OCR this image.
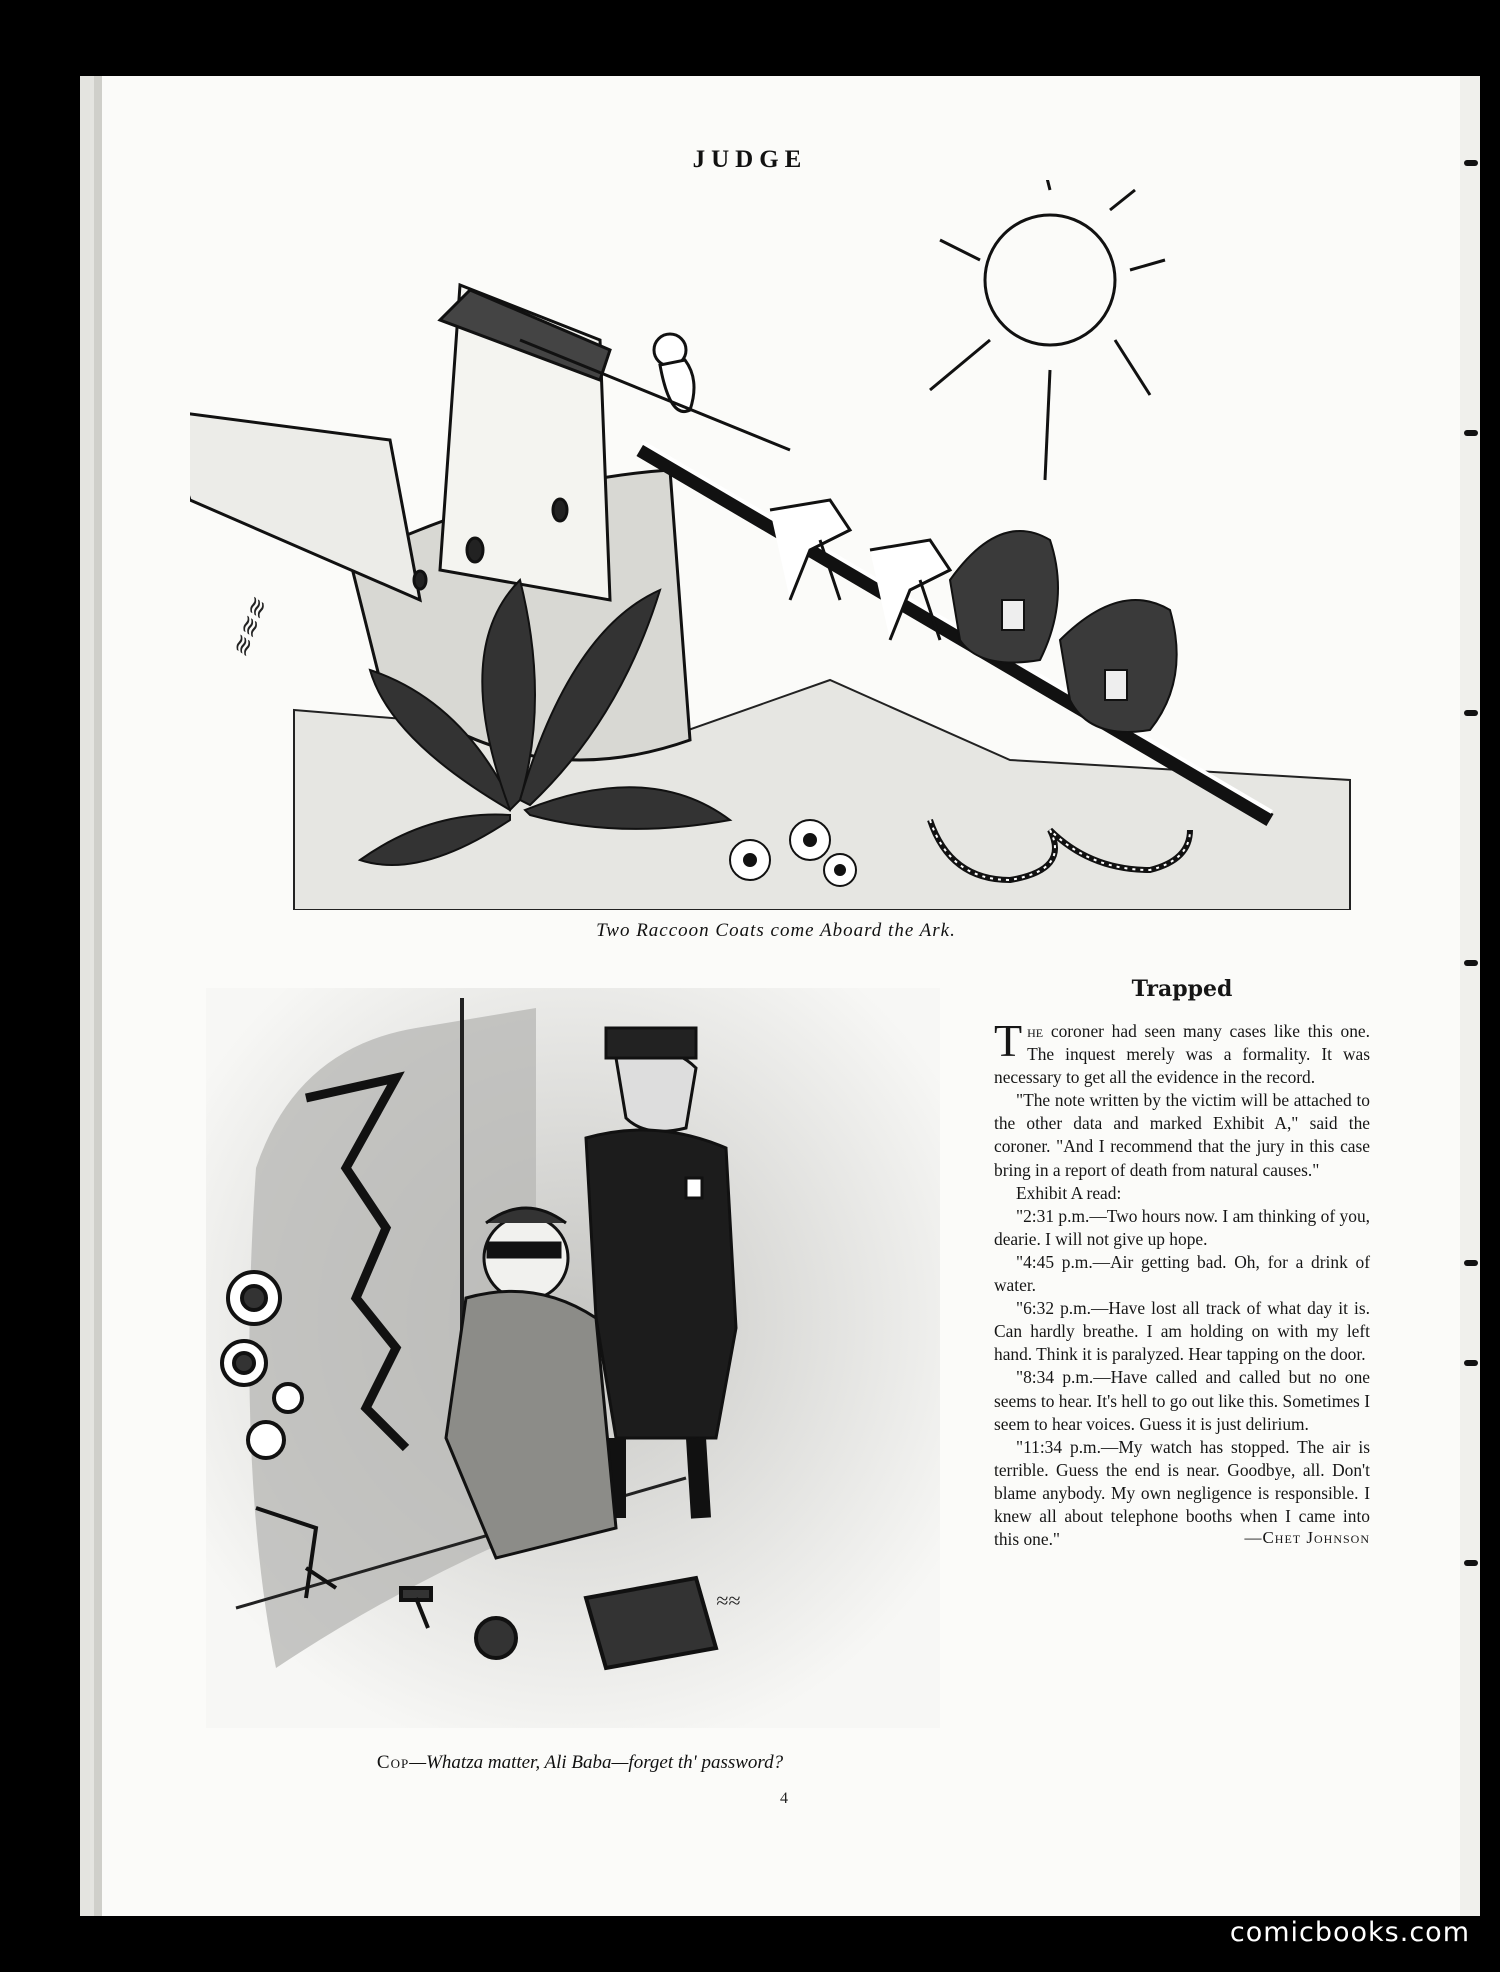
JUDGE
≋≋≋
Two Raccoon Coats come Aboard the Ark.
≈≈
Cop—Whatza matter, Ali Baba—forget th' password?
Trapped

The coroner had seen many cases like this one. The inquest merely was a formality. It was necessary to get all the evidence in the record.

"The note written by the victim will be attached to the other data and marked Exhibit A," said the coroner. "And I recommend that the jury in this case bring in a report of death from natural causes."

Exhibit A read:

"2:31 p.m.—Two hours now. I am thinking of you, dearie. I will not give up hope.

"4:45 p.m.—Air getting bad. Oh, for a drink of water.

"6:32 p.m.—Have lost all track of what day it is. Can hardly breathe. I am holding on with my left hand. Think it is paralyzed. Hear tapping on the door.

"8:34 p.m.—Have called and called but no one seems to hear. It's hell to go out like this. Sometimes I seem to hear voices. Guess it is just delirium.

"11:34 p.m.—My watch has stopped. The air is terrible. Guess the end is near. Goodbye, all. Don't blame anybody. My own negligence is responsible. I knew all about telephone booths when I came into this one."	—Chet Johnson
4
comicbooks.com
